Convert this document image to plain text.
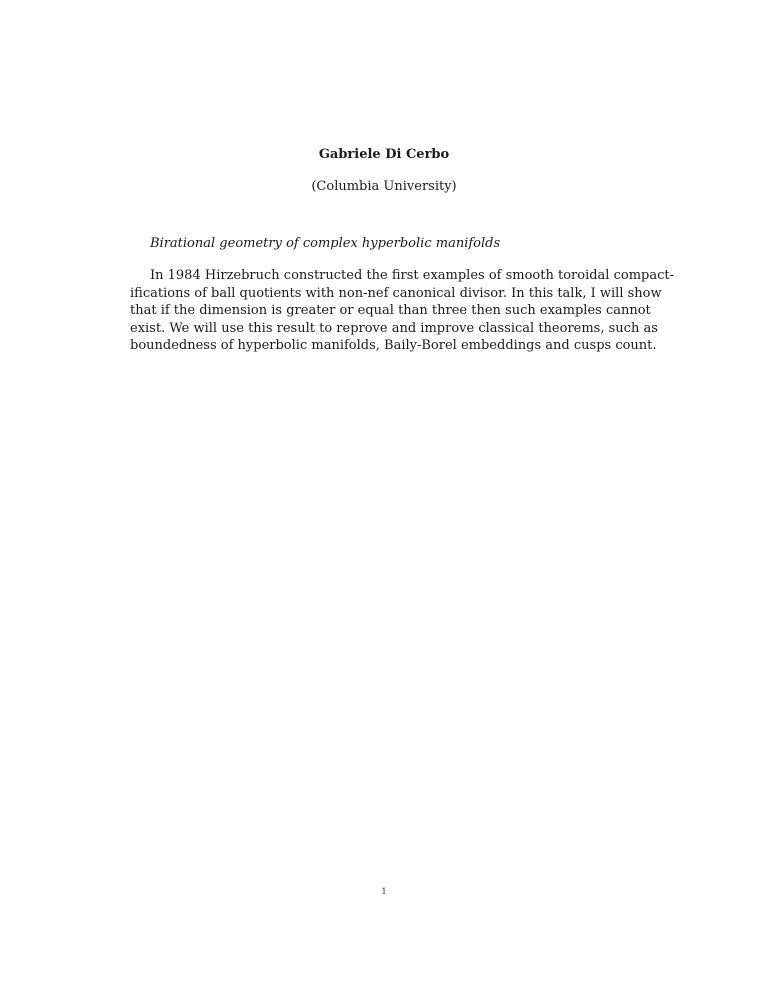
Gabriele Di Cerbo
(Columbia University)
Birational geometry of complex hyperbolic manifolds
In 1984 Hirzebruch constructed the first examples of smooth toroidal compact-
ifications of ball quotients with non-nef canonical divisor. In this talk, I will show
that if the dimension is greater or equal than three then such examples cannot
exist. We will use this result to reprove and improve classical theorems, such as
boundedness of hyperbolic manifolds, Baily-Borel embeddings and cusps count.
1
